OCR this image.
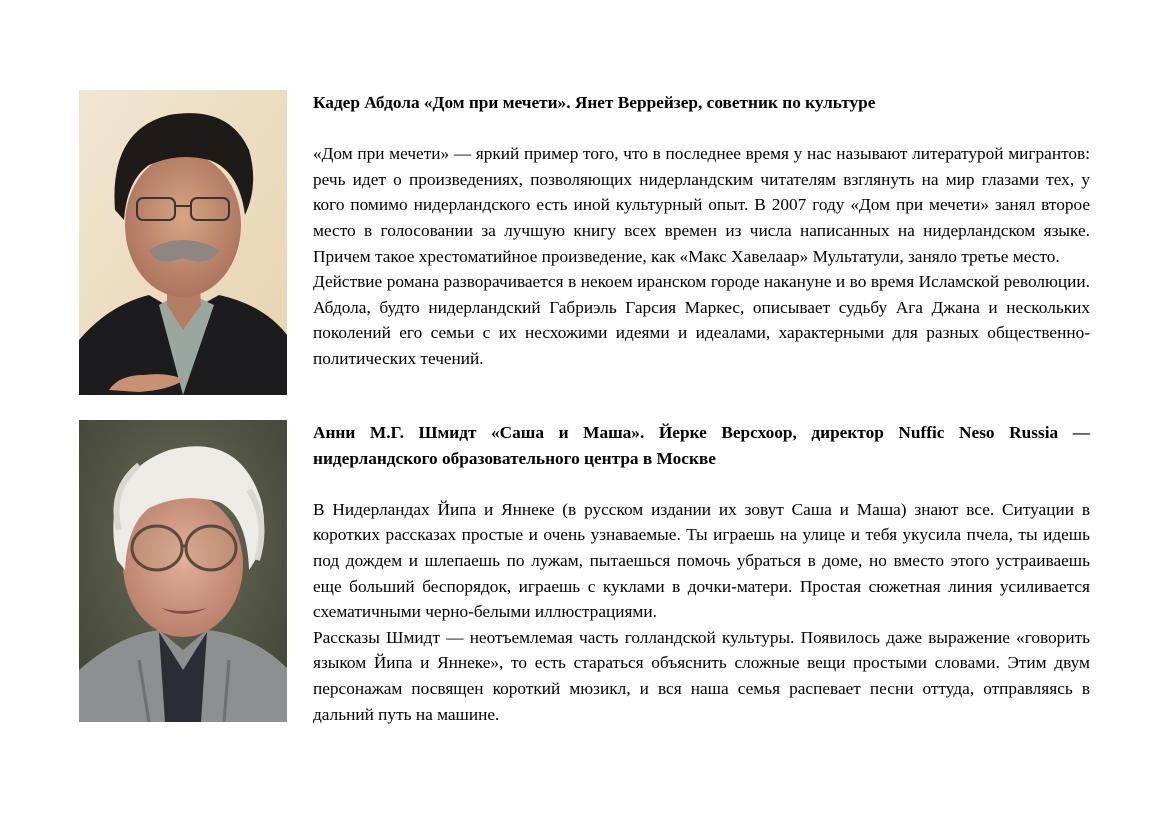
Кадер Абдола «Дом при мечети». Янет Веррейзер, советник по культуре

«Дом при мечети» — яркий пример того, что в последнее время у нас называют литературой мигрантов: речь идет о произведениях, позволяющих нидерландским читателям взглянуть на мир глазами тех, у кого помимо нидерландского есть иной культурный опыт. В 2007 году «Дом при мечети» занял второе место в голосовании за лучшую книгу всех времен из числа написанных на нидерландском языке. Причем такое хрестоматийное произведение, как «Макс Хавелаар» Мультатули, заняло третье место.

Действие романа разворачивается в некоем иранском городе накануне и во время Исламской революции. Абдола, будто нидерландский Габриэль Гарсия Маркес, описывает судьбу Ага Джана и нескольких поколений его семьи с их несхожими идеями и идеалами, характерными для разных общественно-политических течений.

Анни М.Г. Шмидт «Саша и Маша». Йерке Версхоор, директор Nuffic Neso Russia — нидерландского образовательного центра в Москве

В Нидерландах Йипа и Яннеке (в русском издании их зовут Саша и Маша) знают все. Ситуации в коротких рассказах простые и очень узнаваемые. Ты играешь на улице и тебя укусила пчела, ты идешь под дождем и шлепаешь по лужам, пытаешься помочь убраться в доме, но вместо этого устраиваешь еще больший беспорядок, играешь с куклами в дочки-матери. Простая сюжетная линия усиливается схематичными черно-белыми иллюстрациями.

Рассказы Шмидт — неотъемлемая часть голландской культуры. Появилось даже выражение «говорить языком Йипа и Яннеке», то есть стараться объяснить сложные вещи простыми словами. Этим двум персонажам посвящен короткий мюзикл, и вся наша семья распевает песни оттуда, отправляясь в дальний путь на машине.
